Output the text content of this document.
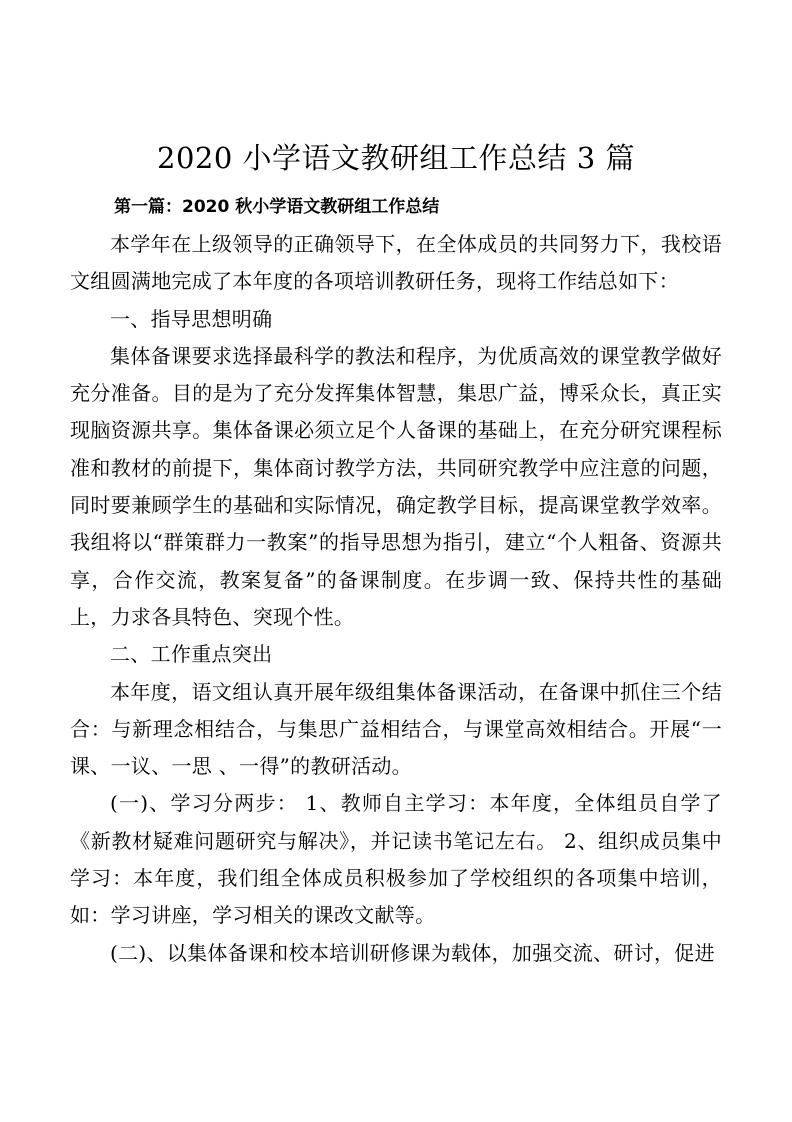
2020 小学语文教研组工作总结 3 篇
第一篇：2020 秋小学语文教研组工作总结

本学年在上级领导的正确领导下，在全体成员的共同努力下，我校语文组圆满地完成了本年度的各项培训教研任务，现将工作结总如下：

一、指导思想明确

集体备课要求选择最科学的教法和程序，为优质高效的课堂教学做好充分准备。目的是为了充分发挥集体智慧，集思广益，博采众长，真正实现脑资源共享。集体备课必须立足个人备课的基础上，在充分研究课程标准和教材的前提下，集体商讨教学方法，共同研究教学中应注意的问题，同时要兼顾学生的基础和实际情况，确定教学目标，提高课堂教学效率。我组将以“群策群力一教案”的指导思想为指引，建立“个人粗备、资源共享，合作交流，教案复备”的备课制度。在步调一致、保持共性的基础上，力求各具特色、突现个性。

二、工作重点突出

本年度，语文组认真开展年级组集体备课活动，在备课中抓住三个结合：与新理念相结合，与集思广益相结合，与课堂高效相结合。开展“一课、一议、一思 、一得”的教研活动。

(一)、学习分两步： 1、教师自主学习：本年度，全体组员自学了《新教材疑难问题研究与解决》，并记读书笔记左右。 2、组织成员集中学习：本年度，我们组全体成员积极参加了学校组织的各项集中培训，如：学习讲座，学习相关的课改文献等。

(二)、以集体备课和校本培训研修课为载体，加强交流、研讨，促进
